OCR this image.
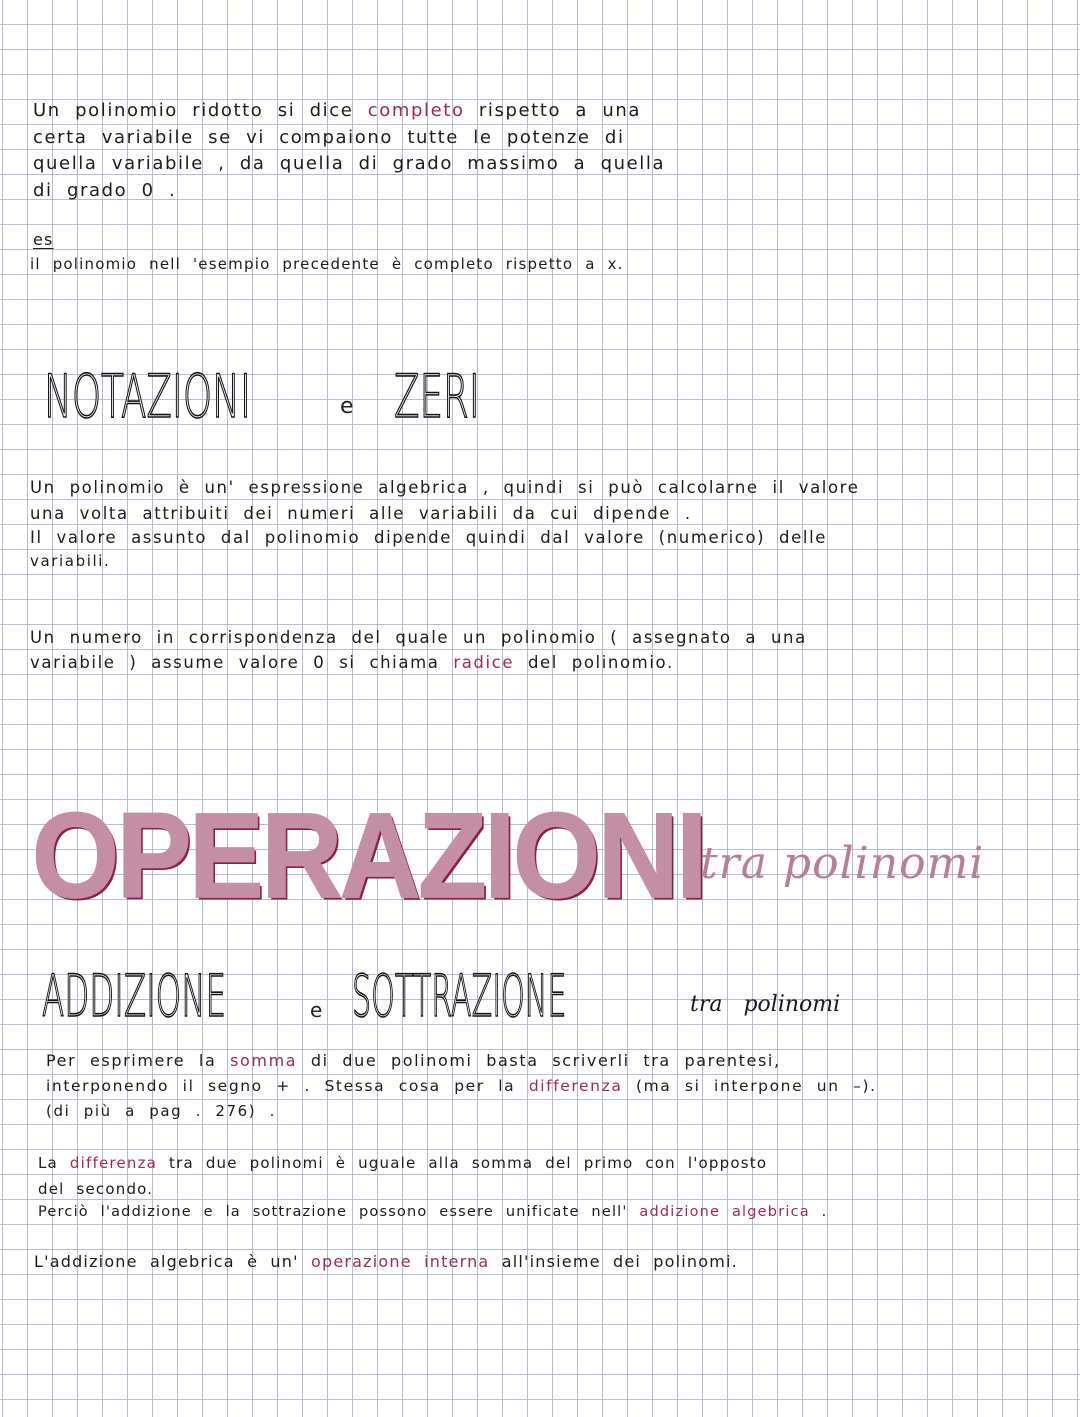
Un polinomio ridotto si dice completo rispetto a una
certa variabile se vi compaiono tutte le potenze di
quella variabile , da quella di grado massimo a quella
di grado 0 .
es
il polinomio nell 'esempio precedente è completo rispetto a x.
NOTAZIONI	e ZERI
Un polinomio è un' espressione algebrica , quindi si può calcolarne il valore
una volta attribuiti dei numeri alle variabili da cui dipende .
Il valore assunto dal polinomio dipende quindi dal valore (numerico) delle
variabili.
Un numero in corrispondenza del quale un polinomio ( assegnato a una
variabile ) assume valore 0 si chiama radice del polinomio.
OPERAZIONI
tra polinomi
ADDIZIONE	e SOTTRAZIONE	tra polinomi
Per esprimere la somma di due polinomi basta scriverli tra parentesi,
interponendo il segno + . Stessa cosa per la differenza (ma si interpone un –).
(di più a pag . 276) .
La differenza tra due polinomi è uguale alla somma del primo con l'opposto
del secondo.
Perciò l'addizione e la sottrazione possono essere unificate nell' addizione algebrica .
L'addizione algebrica è un' operazione interna all'insieme dei polinomi.
